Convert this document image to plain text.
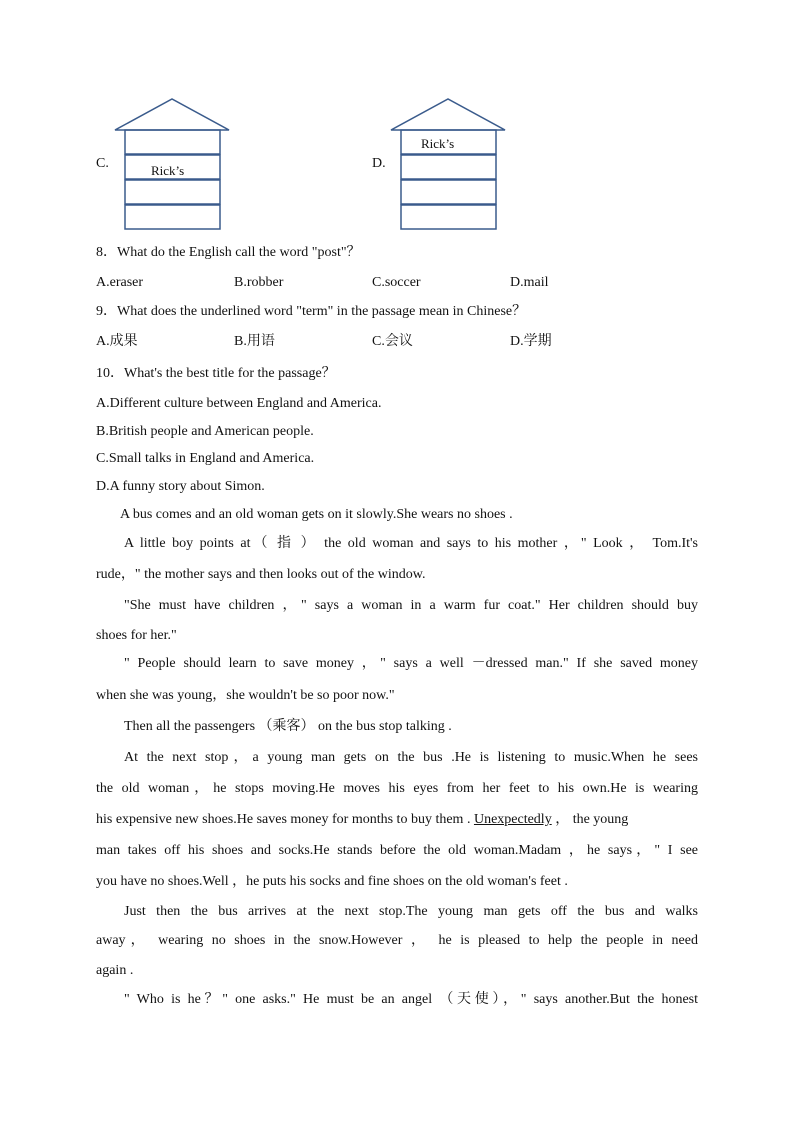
C.	Rick’s	D.
Rick’s
8．What do the English call the word "post"？
A.eraser	B.robber	C.soccer	D.mail
9．What does the underlined word "term" in the passage mean in Chinese？
A.成果	B.用语	C.会议	D.学期
10．What's the best title for the passage？
A.Different culture between England and America.
B.British people and American people.
C.Small talks in England and America.
D.A funny story about Simon.
A bus comes and an old woman gets on it slowly.She wears no shoes .
A little boy points at（ 指 ） the old woman and says to his mother ，" Look ， Tom.It's
rude，" the mother says and then looks out of the window.
"She must have children ，" says a woman in a warm fur coat." Her children should buy
shoes for her."
" People should learn to save money ，" says a well －dressed man." If she saved money
when she was young，she wouldn't be so poor now."
Then all the passengers （乘客） on the bus stop talking .
At the next stop，a young man gets on the bus .He is listening to music.When he sees
the old woman，he stops moving.He moves his eyes from her feet to his own.He is wearing
his expensive new shoes.He saves money for months to buy them . Unexpectedly ， the young
man takes off his shoes and socks.He stands before the old woman.Madam ，he says，" I see
you have no shoes.Well ，he puts his socks and fine shoes on the old woman's feet .
Just then the bus arrives at the next stop.The young man gets off the bus and walks
away， wearing no shoes in the snow.However ， he is pleased to help the people in need
again .
" Who is he？" one asks." He must be an angel （天使），" says another.But the honest
